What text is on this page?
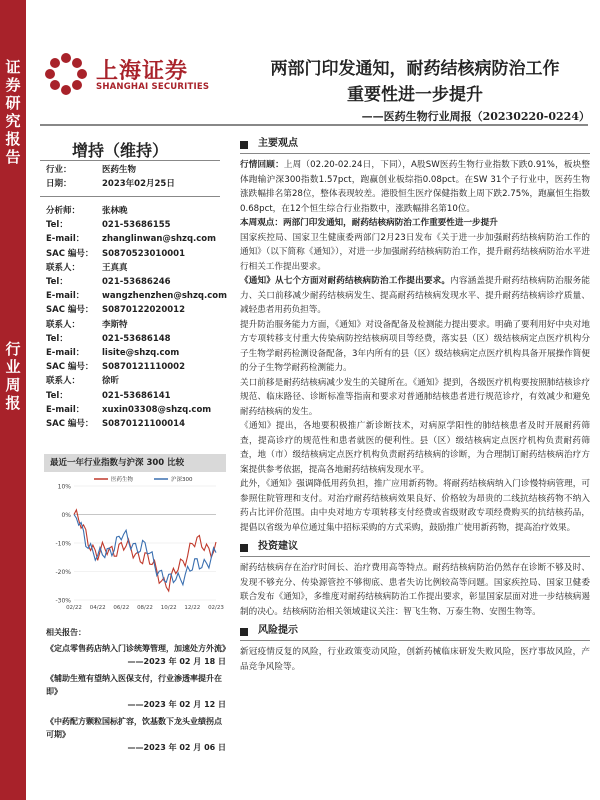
证
券
研
究
报
告
行
业
周
报
上海证券
SHANGHAI SECURITIES
两部门印发通知，耐药结核病防治工作
重要性进一步提升
——医药生物行业周报（20230220-0224）
增持（维持）
行业：	医药生物
日期：	2023年02月25日
分析师：	张林晚
Tel：	021-53686155
E-mail：	zhanglinwan@shzq.com
SAC 编号：	S0870523010001
联系人：	王真真
Tel：	021-53686246
E-mail：	wangzhenzhen@shzq.com
SAC 编号：	S0870122020012
联系人：	李斯特
Tel：	021-53686148
E-mail：	lisite@shzq.com
SAC 编号：	S0870121110002
联系人：	徐昕
Tel：	021-53686141
E-mail：	xuxin03308@shzq.com
SAC 编号：	S0870121100014
最近一年行业指数与沪深 300 比较
10%
0%
-10%
-20%
-30%
02/22 04/22 06/22 08/22 10/22 12/22 02/23
医药生物	沪深300
相关报告：
《定点零售药店纳入门诊统筹管理，加速处方外流》
——2023 年 02 月 18 日
《辅助生殖有望纳入医保支付，行业渗透率提升在即》
——2023 年 02 月 12 日
《中药配方颗粒国标扩容，饮基数下龙头业绩拐点可期》
——2023 年 02 月 06 日
主要观点
行情回顾：上周（02.20-02.24日，下同），A股SW医药生物行业指数下跌0.91%，板块整体跑输沪深300指数1.57pct，跑赢创业板综指0.08pct。在SW 31个子行业中，医药生物涨跌幅排名第28位，整体表现较差。港股恒生医疗保健指数上周下跌2.75%，跑赢恒生指数0.68pct，在12个恒生综合行业指数中，涨跌幅排名第10位。
本周观点：两部门印发通知，耐药结核病防治工作重要性进一步提升
国家疾控局、国家卫生健康委两部门2月23日发布《关于进一步加强耐药结核病防治工作的通知》（以下简称《通知》），对进一步加强耐药结核病防治工作，提升耐药结核病防治水平进行相关工作提出要求。
《通知》从七个方面对耐药结核病防治工作提出要求。内容涵盖提升耐药结核病防治服务能力、关口前移减少耐药结核病发生、提高耐药结核病发现水平、提升耐药结核病诊疗质量、减轻患者用药负担等。
提升防治服务能力方面，《通知》对设备配备及检测能力提出要求。明确了要利用好中央对地方专项转移支付重大传染病防控结核病项目等经费，落实县（区）级结核病定点医疗机构分子生物学耐药检测设备配备，3年内所有的县（区）级结核病定点医疗机构具备开展操作简便的分子生物学耐药检测能力。
关口前移是耐药结核病减少发生的关键所在。《通知》提到，各级医疗机构要按照肺结核诊疗规范、临床路径、诊断标准等指南和要求对普通肺结核患者进行规范诊疗，有效减少和避免耐药结核病的发生。
《通知》提出，各地要积极推广新诊断技术，对病原学阳性的肺结核患者及时开展耐药筛查，提高诊疗的规范性和患者就医的便利性。县（区）级结核病定点医疗机构负责耐药筛查，地（市）级结核病定点医疗机构负责耐药结核病的诊断，为合理制订耐药结核病治疗方案提供参考依据，提高各地耐药结核病发现水平。
此外，《通知》强调降低用药负担，推广应用新药物。将耐药结核病纳入门诊慢特病管理，可参照住院管理和支付。对治疗耐药结核病效果良好、价格较为昂贵的二线抗结核药物不纳入药占比评价范围。由中央对地方专项转移支付经费或省级财政专项经费购买的抗结核药品，提倡以省级为单位通过集中招标采购的方式采购，鼓励推广使用新药物，提高治疗效果。
投资建议
耐药结核病存在治疗时间长、治疗费用高等特点。耐药结核病防治仍然存在诊断不够及时、发现不够充分、传染源管控不够彻底、患者失访比例较高等问题。国家疾控局、国家卫健委联合发布《通知》，多维度对耐药结核病防治工作提出要求，彰显国家层面对进一步结核病遏制的决心。结核病防治相关领域建议关注：智飞生物、万泰生物、安图生物等。
风险提示
新冠疫情反复的风险，行业政策变动风险，创新药械临床研发失败风险，医疗事故风险，产品竞争风险等。
